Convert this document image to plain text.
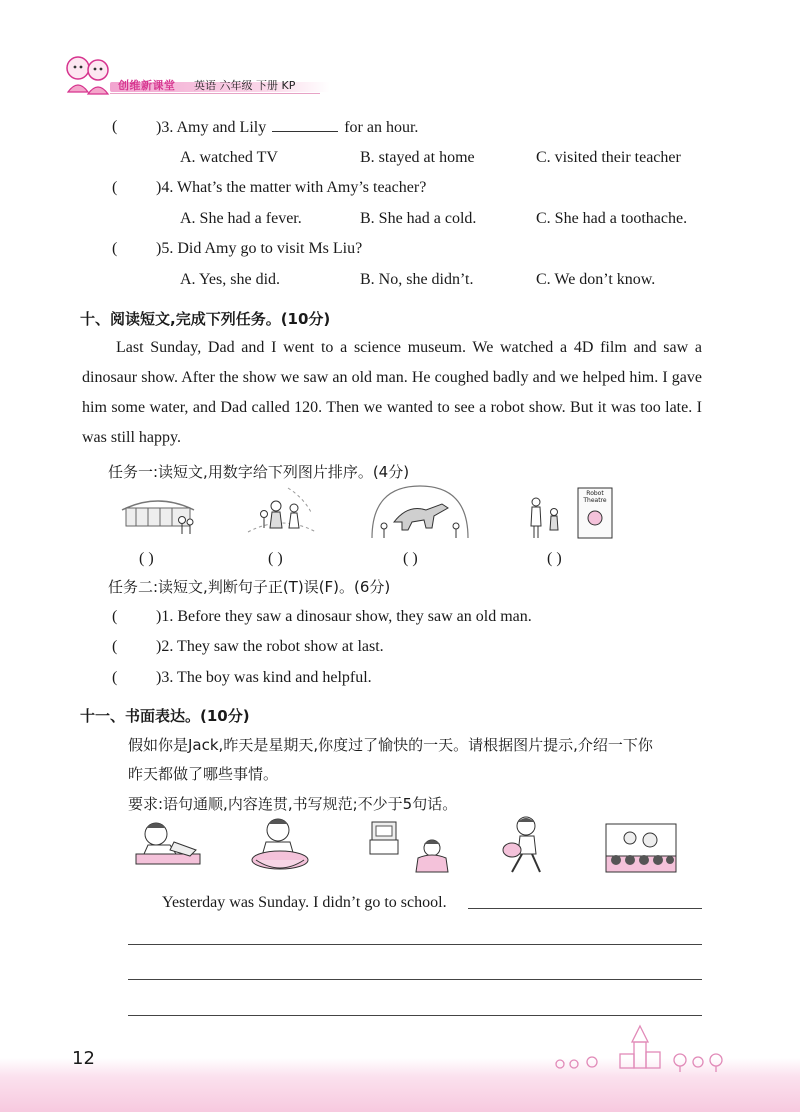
创维新课堂 英语 六年级 下册 KP
( )3. Amy and Lily	for an hour.
A. watched TV	B. stayed at home	C. visited their teacher
( )4. What’s the matter with Amy’s teacher?
A. She had a fever.	B. She had a cold.	C. She had a toothache.
( )5. Did Amy go to visit Ms Liu?
A. Yes, she did.	B. No, she didn’t.	C. We don’t know.
十、阅读短文,完成下列任务。(10分)
Last Sunday, Dad and I went to a science museum. We watched a 4D film and saw a dinosaur show. After the show we saw an old man. He coughed badly and we helped him. I gave him some water, and Dad called 120. Then we wanted to see a robot show. But it was too late. I was still happy.
任务一:读短文,用数字给下列图片排序。(4分)
Robot Theatre
( )	( )	( )	( )
任务二:读短文,判断句子正(T)误(F)。(6分)
( )1. Before they saw a dinosaur show, they saw an old man.
( )2. They saw the robot show at last.
( )3. The boy was kind and helpful.
十一、书面表达。(10分)
假如你是Jack,昨天是星期天,你度过了愉快的一天。请根据图片提示,介绍一下你
昨天都做了哪些事情。
要求:语句通顺,内容连贯,书写规范;不少于5句话。
Yesterday was Sunday. I didn’t go to school.
12
